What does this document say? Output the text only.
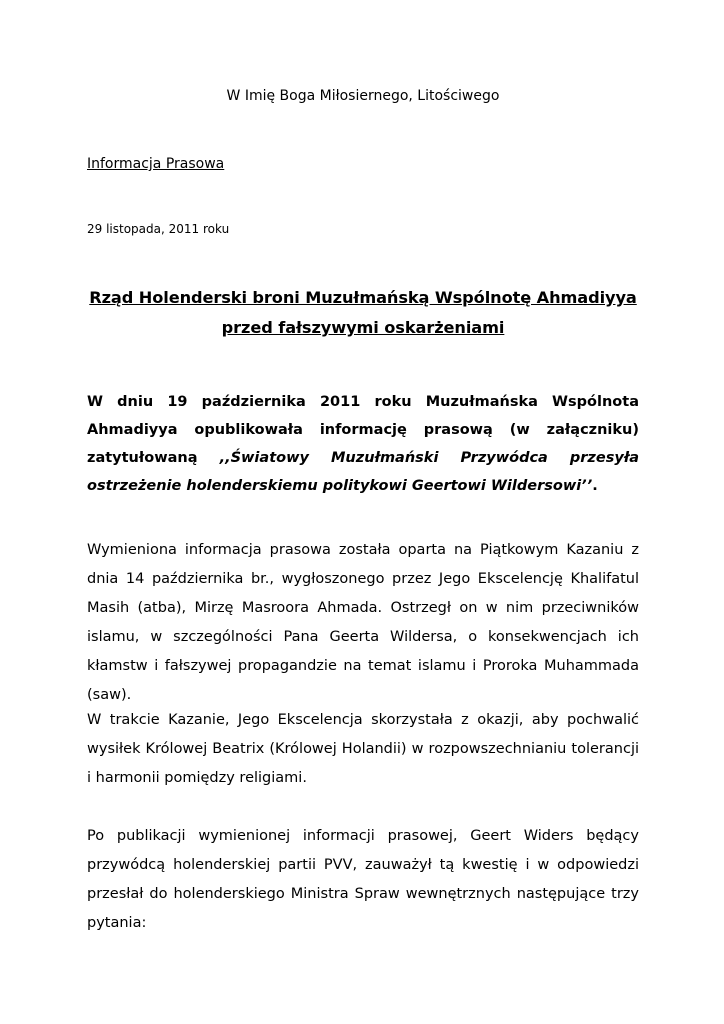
W Imię Boga Miłosiernego, Litościwego

Informacja Prasowa

29 listopada, 2011 roku

Rząd Holenderski broni Muzułmańską Wspólnotę Ahmadiyya przed fałszywymi oskarżeniami

W dniu 19 października 2011 roku Muzułmańska Wspólnota Ahmadiyya opublikowała informację prasową (w załączniku) zatytułowaną ,,Światowy Muzułmański Przywódca przesyła ostrzeżenie holenderskiemu politykowi Geertowi Wildersowi’’.

Wymieniona informacja prasowa została oparta na Piątkowym Kazaniu z dnia 14 października br., wygłoszonego przez Jego Ekscelencję Khalifatul Masih (atba), Mirzę Masroora Ahmada. Ostrzegł on w nim przeciwników islamu, w szczególności Pana Geerta Wildersa, o konsekwencjach ich kłamstw i fałszywej propagandzie na temat islamu i Proroka Muhammada (saw).

W trakcie Kazanie, Jego Ekscelencja skorzystała z okazji, aby pochwalić wysiłek Królowej Beatrix (Królowej Holandii) w rozpowszechnianiu tolerancji i harmonii pomiędzy religiami.

Po publikacji wymienionej informacji prasowej, Geert Widers będący przywódcą holenderskiej partii PVV, zauważył tą kwestię i w odpowiedzi przesłał do holenderskiego Ministra Spraw wewnętrznych następujące trzy pytania:
